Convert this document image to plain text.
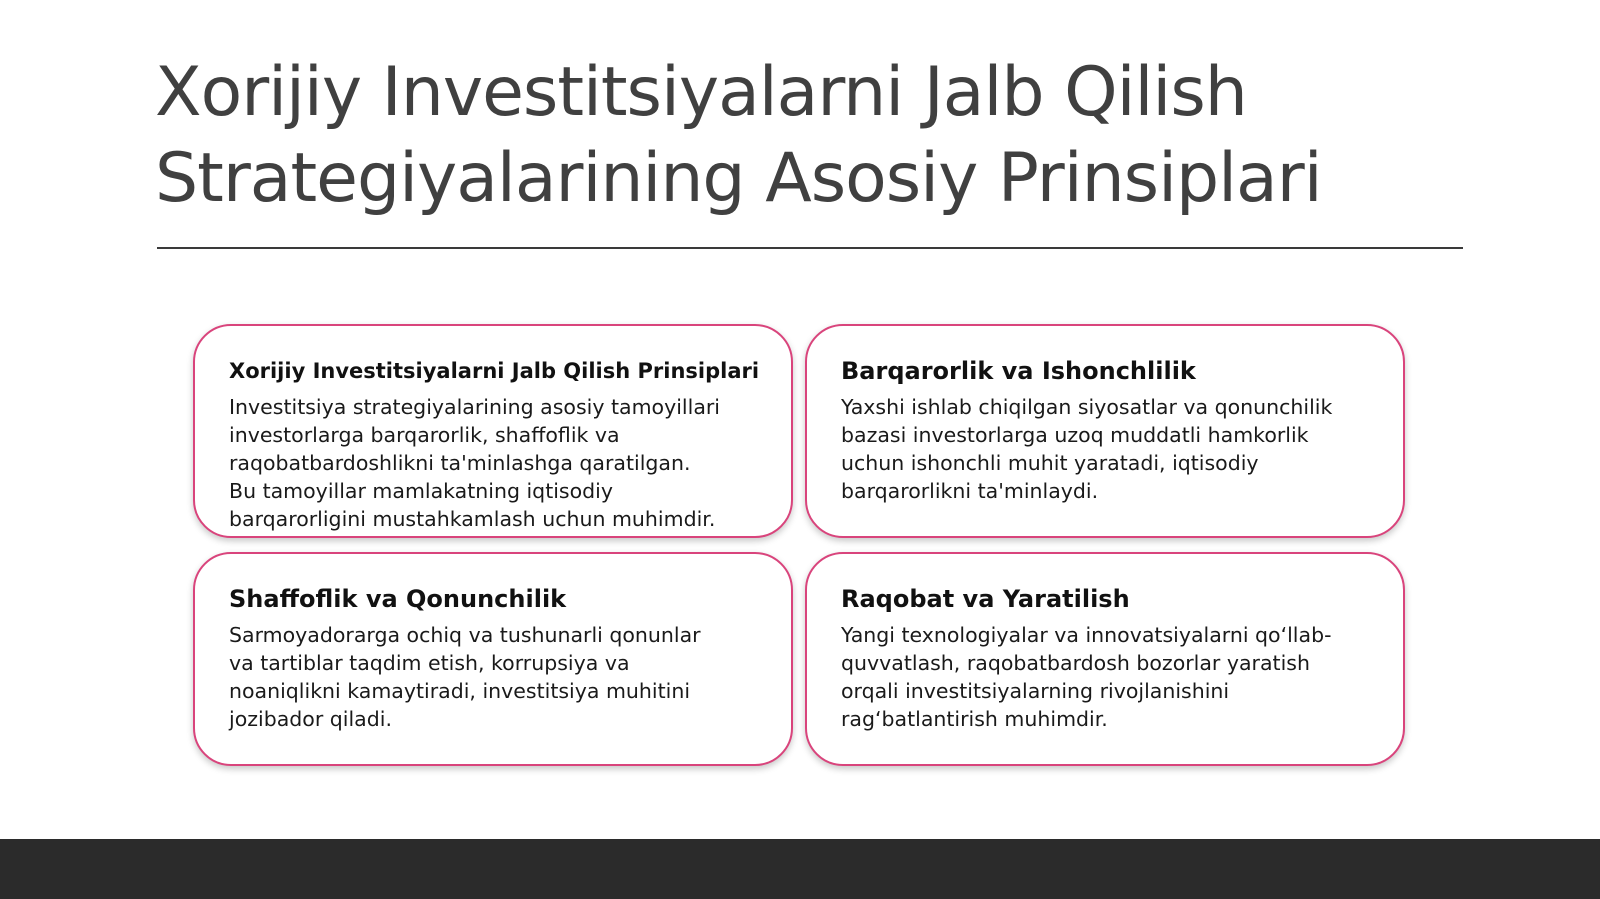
Xorijiy Investitsiyalarni Jalb Qilish
Strategiyalarining Asosiy Prinsiplari
Xorijiy Investitsiyalarni Jalb Qilish Prinsiplari

Investitsiya strategiyalarining asosiy tamoyillari
investorlarga barqarorlik, shaffoflik va
raqobatbardoshlikni ta'minlashga qaratilgan.
Bu tamoyillar mamlakatning iqtisodiy
barqarorligini mustahkamlash uchun muhimdir.

Barqarorlik va Ishonchlilik

Yaxshi ishlab chiqilgan siyosatlar va qonunchilik
bazasi investorlarga uzoq muddatli hamkorlik
uchun ishonchli muhit yaratadi, iqtisodiy
barqarorlikni ta'minlaydi.

Shaffoflik va Qonunchilik

Sarmoyadorarga ochiq va tushunarli qonunlar
va tartiblar taqdim etish, korrupsiya va
noaniqlikni kamaytiradi, investitsiya muhitini
jozibador qiladi.

Raqobat va Yaratilish

Yangi texnologiyalar va innovatsiyalarni qo‘llab-
quvvatlash, raqobatbardosh bozorlar yaratish
orqali investitsiyalarning rivojlanishini
rag‘batlantirish muhimdir.
